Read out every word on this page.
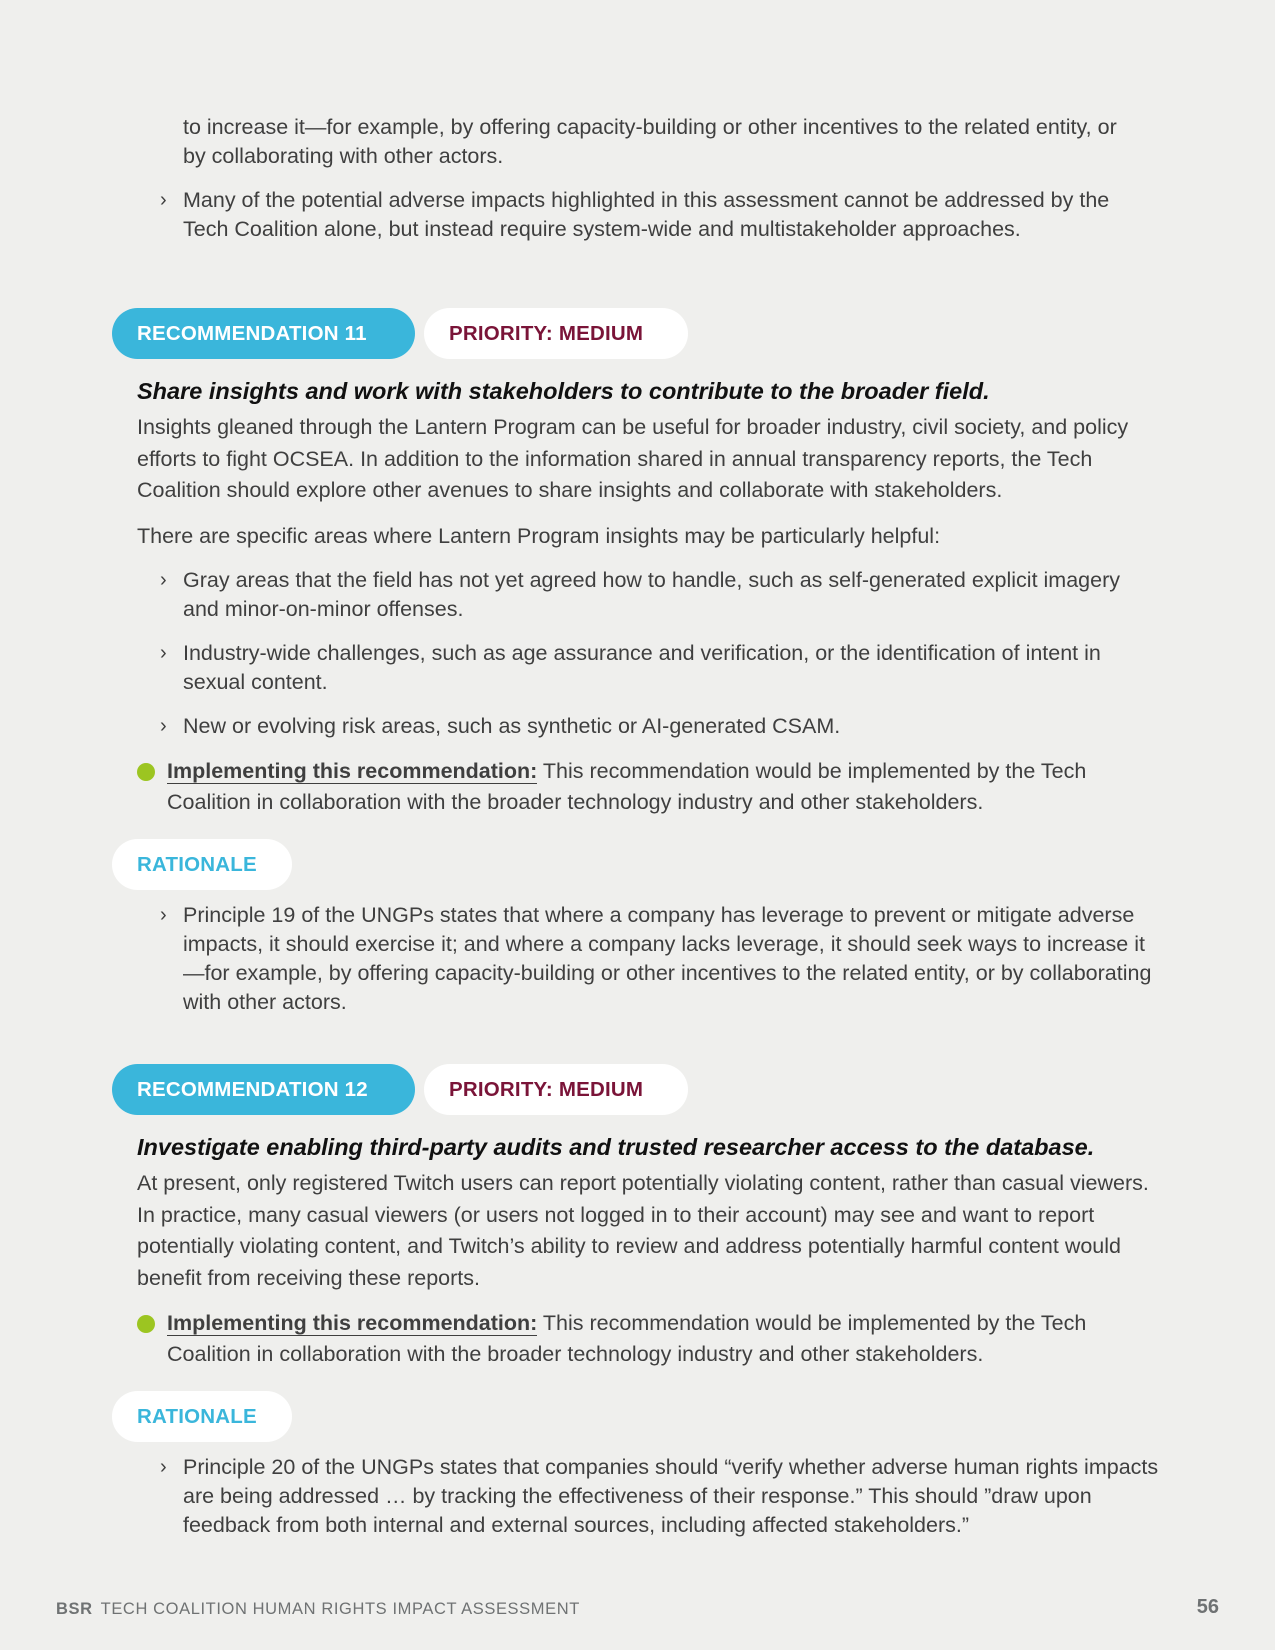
to increase it—for example, by offering capacity-building or other incentives to the related entity, or by collaborating with other actors.
› Many of the potential adverse impacts highlighted in this assessment cannot be addressed by the Tech Coalition alone, but instead require system-wide and multistakeholder approaches.
RECOMMENDATION 11	PRIORITY: MEDIUM
Share insights and work with stakeholders to contribute to the broader field.

Insights gleaned through the Lantern Program can be useful for broader industry, civil society, and policy efforts to fight OCSEA. In addition to the information shared in annual transparency reports, the Tech Coalition should explore other avenues to share insights and collaborate with stakeholders.

There are specific areas where Lantern Program insights may be particularly helpful:

› Gray areas that the field has not yet agreed how to handle, such as self-generated explicit imagery and minor-on-minor offenses.
› Industry-wide challenges, such as age assurance and verification, or the identification of intent in sexual content.
› New or evolving risk areas, such as synthetic or AI-generated CSAM.
Implementing this recommendation: This recommendation would be implemented by the Tech Coalition in collaboration with the broader technology industry and other stakeholders.
RATIONALE
› Principle 19 of the UNGPs states that where a company has leverage to prevent or mitigate adverse impacts, it should exercise it; and where a company lacks leverage, it should seek ways to increase it—for example, by offering capacity-building or other incentives to the related entity, or by collaborating with other actors.
RECOMMENDATION 12	PRIORITY: MEDIUM
Investigate enabling third-party audits and trusted researcher access to the database.

At present, only registered Twitch users can report potentially violating content, rather than casual viewers. In practice, many casual viewers (or users not logged in to their account) may see and want to report potentially violating content, and Twitch’s ability to review and address potentially harmful content would benefit from receiving these reports.

Implementing this recommendation: This recommendation would be implemented by the Tech Coalition in collaboration with the broader technology industry and other stakeholders.
RATIONALE
› Principle 20 of the UNGPs states that companies should “verify whether adverse human rights impacts are being addressed … by tracking the effectiveness of their response.” This should ”draw upon feedback from both internal and external sources, including affected stakeholders.”
BSR TECH COALITION HUMAN RIGHTS IMPACT ASSESSMENT	56
